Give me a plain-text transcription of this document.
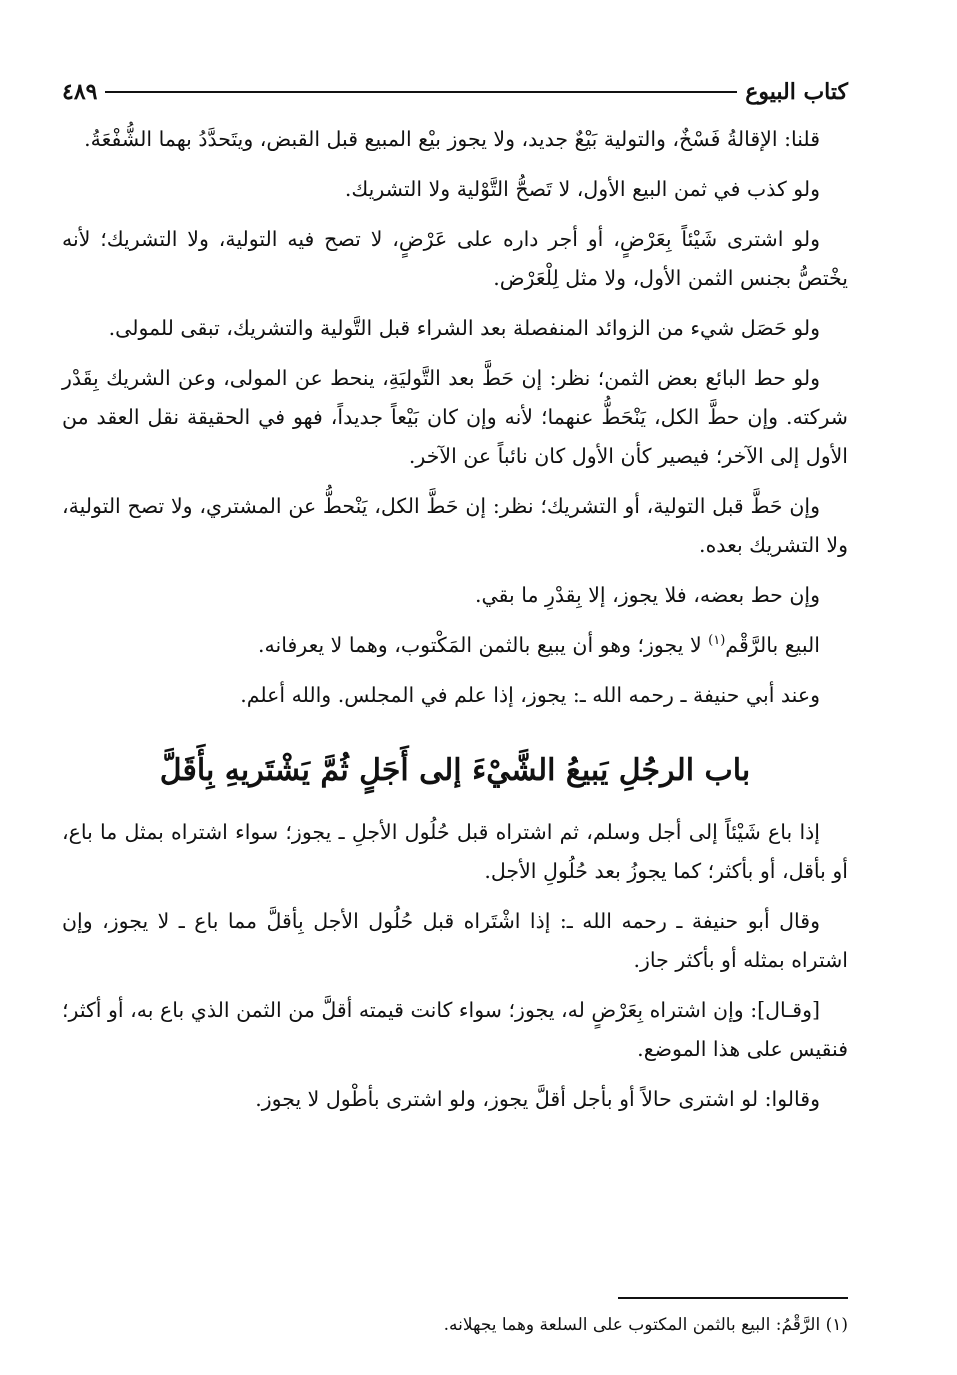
كتاب البيوع
٤٨٩

قلنا: الإقالةُ فَسْخٌ، والتولية بَيْعٌ جديد، ولا يجوز بيْع المبيع قبل القبض، ويتَحدَّدُ بهما الشُّفْعَةُ.

ولو كذب في ثمن البيع الأول، لا تَصحُّ التَّوْلية ولا التشريك.

ولو اشترى شَيْئاً بِعَرْضٍ، أو أجر داره على عَرْضٍ، لا تصح فيه التولية، ولا التشريك؛ لأنه يخْتصُّ بجنس الثمن الأول، ولا مثل لِلْعَرْض.

ولو حَصَل شيء من الزوائد المنفصلة بعد الشراء قبل التَّولية والتشريك، تبقى للمولى.

ولو حط البائع بعض الثمن؛ نظر: إن حَطَّ بعد التَّوليَةِ، ينحط عن المولى، وعن الشريك بِقَدْر شركته. وإن حطَّ الكل، يَنْحَطُّ عنهما؛ لأنه وإن كان بَيْعاً جديداً، فهو في الحقيقة نقل العقد من الأول إلى الآخر؛ فيصير كأن الأول كان نائباً عن الآخر.

وإن حَطَّ قبل التولية، أو التشريك؛ نظر: إن حَطَّ الكل، يَنْحطُّ عن المشتري، ولا تصح التولية، ولا التشريك بعده.

وإن حط بعضه، فلا يجوز، إلا بِقدْرِ ما بقي.

البيع بالرَّقْم$^{(١)}$ لا يجوز؛ وهو أن يبيع بالثمن المَكْتوب، وهما لا يعرفانه.

وعند أبي حنيفة ـ رحمه الله ـ: يجوز، إذا علم في المجلس. والله أعلم.

باب الرجُلِ يَبيعُ الشَّيْءَ إلى أَجَلٍ ثُمَّ يَشْتَريهِ بِأَقَلَّ

إذا باع شَيْئاً إلى أجل وسلم، ثم اشتراه قبل حُلُول الأجلِ ـ يجوز؛ سواء اشتراه بمثل ما باع، أو بأقل، أو بأكثر؛ كما يجوزُ بعد حُلُولِ الأجل.

وقال أبو حنيفة ـ رحمه الله ـ: إذا اشْتَراه قبل حُلُول الأجل بِأقلَّ مما باع ـ لا يجوز، وإن اشتراه بمثله أو بأكثر جاز.

[وقـال]: وإن اشتراه بِعَرْضٍ له، يجوز؛ سواء كانت قيمته أقلَّ من الثمن الذي باع به، أو أكثر؛ فنقيس على هذا الموضع.

وقالوا: لو اشترى حالاً أو بأجل أقلَّ يجوز، ولو اشترى بأطْول لا يجوز.

(١) الرَّقْمُ: البيع بالثمن المكتوب على السلعة وهما يجهلانه.
